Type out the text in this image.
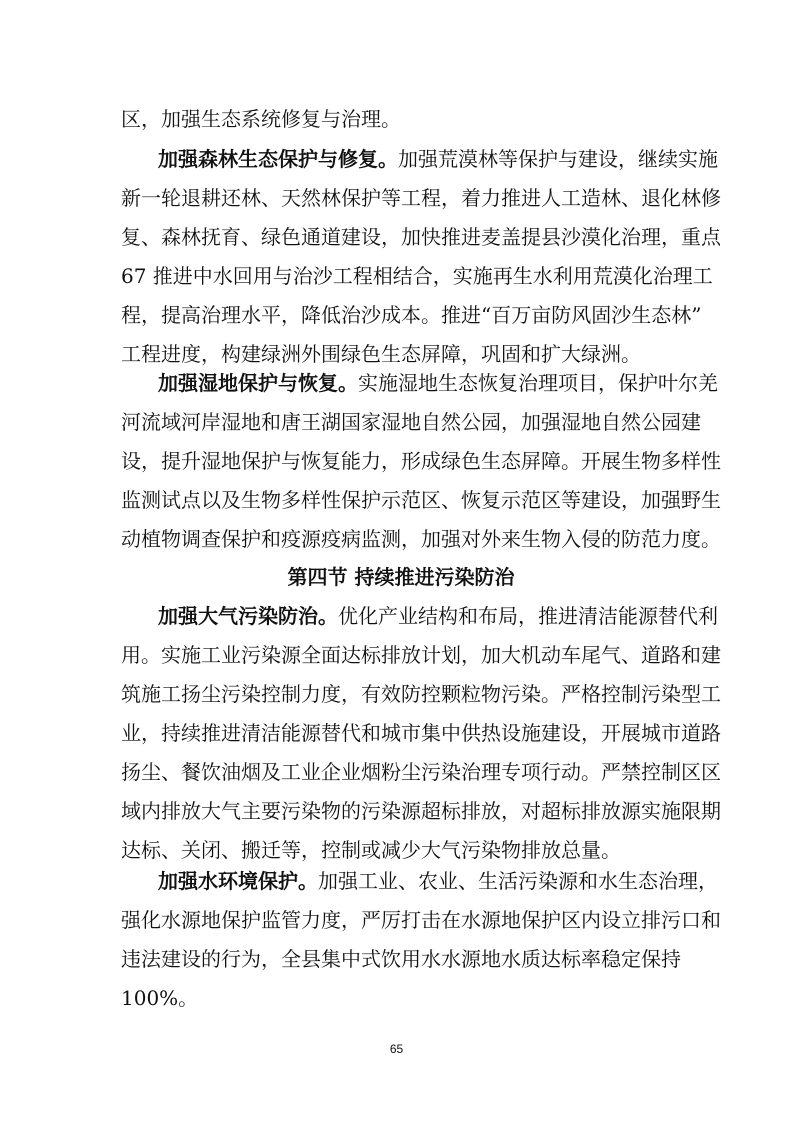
区，加强生态系统修复与治理。
加强森林生态保护与修复。加强荒漠林等保护与建设，继续实施
新一轮退耕还林、天然林保护等工程，着力推进人工造林、退化林修
复、森林抚育、绿色通道建设，加快推进麦盖提县沙漠化治理，重点
67 推进中水回用与治沙工程相结合，实施再生水利用荒漠化治理工
程，提高治理水平，降低治沙成本。推进“百万亩防风固沙生态林”
工程进度，构建绿洲外围绿色生态屏障，巩固和扩大绿洲。
加强湿地保护与恢复。实施湿地生态恢复治理项目，保护叶尔羌
河流域河岸湿地和唐王湖国家湿地自然公园，加强湿地自然公园建
设，提升湿地保护与恢复能力，形成绿色生态屏障。开展生物多样性
监测试点以及生物多样性保护示范区、恢复示范区等建设，加强野生
动植物调查保护和疫源疫病监测，加强对外来生物入侵的防范力度。
第四节 持续推进污染防治
加强大气污染防治。优化产业结构和布局，推进清洁能源替代利
用。实施工业污染源全面达标排放计划，加大机动车尾气、道路和建
筑施工扬尘污染控制力度，有效防控颗粒物污染。严格控制污染型工
业，持续推进清洁能源替代和城市集中供热设施建设，开展城市道路
扬尘、餐饮油烟及工业企业烟粉尘污染治理专项行动。严禁控制区区
域内排放大气主要污染物的污染源超标排放，对超标排放源实施限期
达标、关闭、搬迁等，控制或减少大气污染物排放总量。
加强水环境保护。加强工业、农业、生活污染源和水生态治理，
强化水源地保护监管力度，严厉打击在水源地保护区内设立排污口和
违法建设的行为，全县集中式饮用水水源地水质达标率稳定保持
100%。
65
